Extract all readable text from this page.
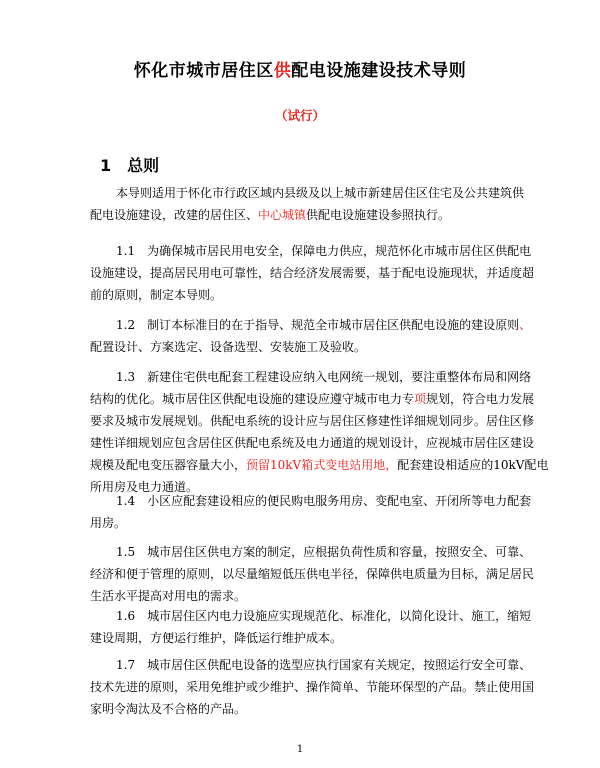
怀化市城市居住区供配电设施建设技术导则
（试行）
1 总则
本导则适用于怀化市行政区域内县级及以上城市新建居住区住宅及公共建筑供
配电设施建设，改建的居住区、中心城镇供配电设施建设参照执行。
1.1　为确保城市居民用电安全，保障电力供应，规范怀化市城市居住区供配电
设施建设，提高居民用电可靠性，结合经济发展需要，基于配电设施现状，并适度超
前的原则，制定本导则。
1.2　制订本标准目的在于指导、规范全市城市居住区供配电设施的建设原则、
配置设计、方案选定、设备选型、安装施工及验收。
1.3　新建住宅供电配套工程建设应纳入电网统一规划，要注重整体布局和网络
结构的优化。城市居住区供配电设施的建设应遵守城市电力专项规划，符合电力发展
要求及城市发展规划。供配电系统的设计应与居住区修建性详细规划同步。居住区修
建性详细规划应包含居住区供配电系统及电力通道的规划设计，应视城市居住区建设
规模及配电变压器容量大小，预留10kV箱式变电站用地，配套建设相适应的10kV配电
所用房及电力通道。
1.4　小区应配套建设相应的便民购电服务用房、变配电室、开闭所等电力配套
用房。
1.5　城市居住区供电方案的制定，应根据负荷性质和容量，按照安全、可靠、
经济和便于管理的原则，以尽量缩短低压供电半径，保障供电质量为目标，满足居民
生活水平提高对用电的需求。
1.6　城市居住区内电力设施应实现规范化、标准化，以简化设计、施工，缩短
建设周期，方便运行维护，降低运行维护成本。
1.7　城市居住区供配电设备的选型应执行国家有关规定，按照运行安全可靠、
技术先进的原则，采用免维护或少维护、操作简单、节能环保型的产品。禁止使用国
家明令淘汰及不合格的产品。
1
